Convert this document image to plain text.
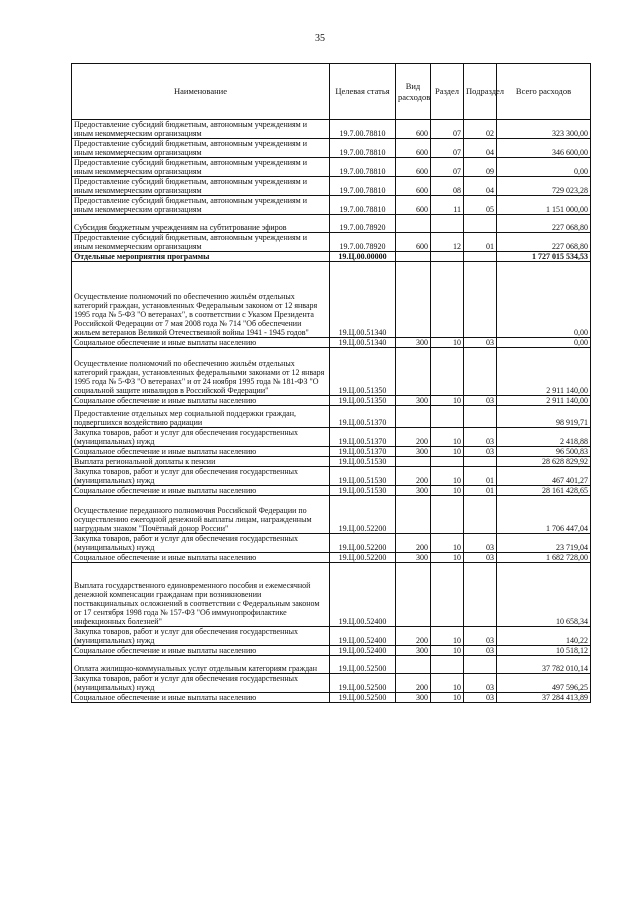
35
Наименование	Целевая статья	Вид расходов	Раздел	Подраздел	Всего расходов
Предоставление субсидий бюджетным, автономным учреждениям и иным некоммерческим организациям	19.7.00.78810	600	07	02	323 300,00
Предоставление субсидий бюджетным, автономным учреждениям и иным некоммерческим организациям	19.7.00.78810	600	07	04	346 600,00
Предоставление субсидий бюджетным, автономным учреждениям и иным некоммерческим организациям	19.7.00.78810	600	07	09	0,00
Предоставление субсидий бюджетным, автономным учреждениям и иным некоммерческим организациям	19.7.00.78810	600	08	04	729 023,28
Предоставление субсидий бюджетным, автономным учреждениям и иным некоммерческим организациям	19.7.00.78810	600	11	05	1 151 000,00
Субсидия бюджетным учреждениям на субтитрование эфиров	19.7.00.78920				227 068,80
Предоставление субсидий бюджетным, автономным учреждениям и иным некоммерческим организациям	19.7.00.78920	600	12	01	227 068,80
Отдельные мероприятия программы	19.Ц.00.00000				1 727 015 534,53
Осуществление полномочий по обеспечению жильём отдельных категорий граждан, установленных Федеральным законом от 12 января 1995 года № 5-ФЗ "О ветеранах", в соответствии с Указом Президента Российской Федерации от 7 мая 2008 года № 714 "Об обеспечении жильем ветеранов Великой Отечественной войны 1941 - 1945 годов"	19.Ц.00.51340				0,00
Социальное обеспечение и иные выплаты населению	19.Ц.00.51340	300	10	03	0,00
Осуществление полномочий по обеспечению жильём отдельных категорий граждан, установленных федеральными законами от 12 января 1995 года № 5-ФЗ "О ветеранах" и от 24 ноября 1995 года № 181-ФЗ "О социальной защите инвалидов в Российской Федерации"	19.Ц.00.51350				2 911 140,00
Социальное обеспечение и иные выплаты населению	19.Ц.00.51350	300	10	03	2 911 140,00
Предоставление отдельных мер социальной поддержки граждан, подвергшихся воздействию радиации	19.Ц.00.51370				98 919,71
Закупка товаров, работ и услуг для обеспечения государственных (муниципальных) нужд	19.Ц.00.51370	200	10	03	2 418,88
Социальное обеспечение и иные выплаты населению	19.Ц.00.51370	300	10	03	96 500,83
Выплата региональной доплаты к пенсии	19.Ц.00.51530				28 628 829,92
Закупка товаров, работ и услуг для обеспечения государственных (муниципальных) нужд	19.Ц.00.51530	200	10	01	467 401,27
Социальное обеспечение и иные выплаты населению	19.Ц.00.51530	300	10	01	28 161 428,65
Осуществление переданного полномочия Российской Федерации по осуществлению ежегодной денежной выплаты лицам, награжденным нагрудным знаком "Почётный донор России"	19.Ц.00.52200				1 706 447,04
Закупка товаров, работ и услуг для обеспечения государственных (муниципальных) нужд	19.Ц.00.52200	200	10	03	23 719,04
Социальное обеспечение и иные выплаты населению	19.Ц.00.52200	300	10	03	1 682 728,00
Выплата государственного единовременного пособия и ежемесячной денежной компенсации гражданам при возникновении поствакцинальных осложнений в соответствии с Федеральным законом от 17 сентября 1998 года № 157-ФЗ "Об иммунопрофилактике инфекционных болезней"	19.Ц.00.52400				10 658,34
Закупка товаров, работ и услуг для обеспечения государственных (муниципальных) нужд	19.Ц.00.52400	200	10	03	140,22
Социальное обеспечение и иные выплаты населению	19.Ц.00.52400	300	10	03	10 518,12
Оплата жилищно-коммунальных услуг отдельным категориям граждан	19.Ц.00.52500				37 782 010,14
Закупка товаров, работ и услуг для обеспечения государственных (муниципальных) нужд	19.Ц.00.52500	200	10	03	497 596,25
Социальное обеспечение и иные выплаты населению	19.Ц.00.52500	300	10	03	37 284 413,89
